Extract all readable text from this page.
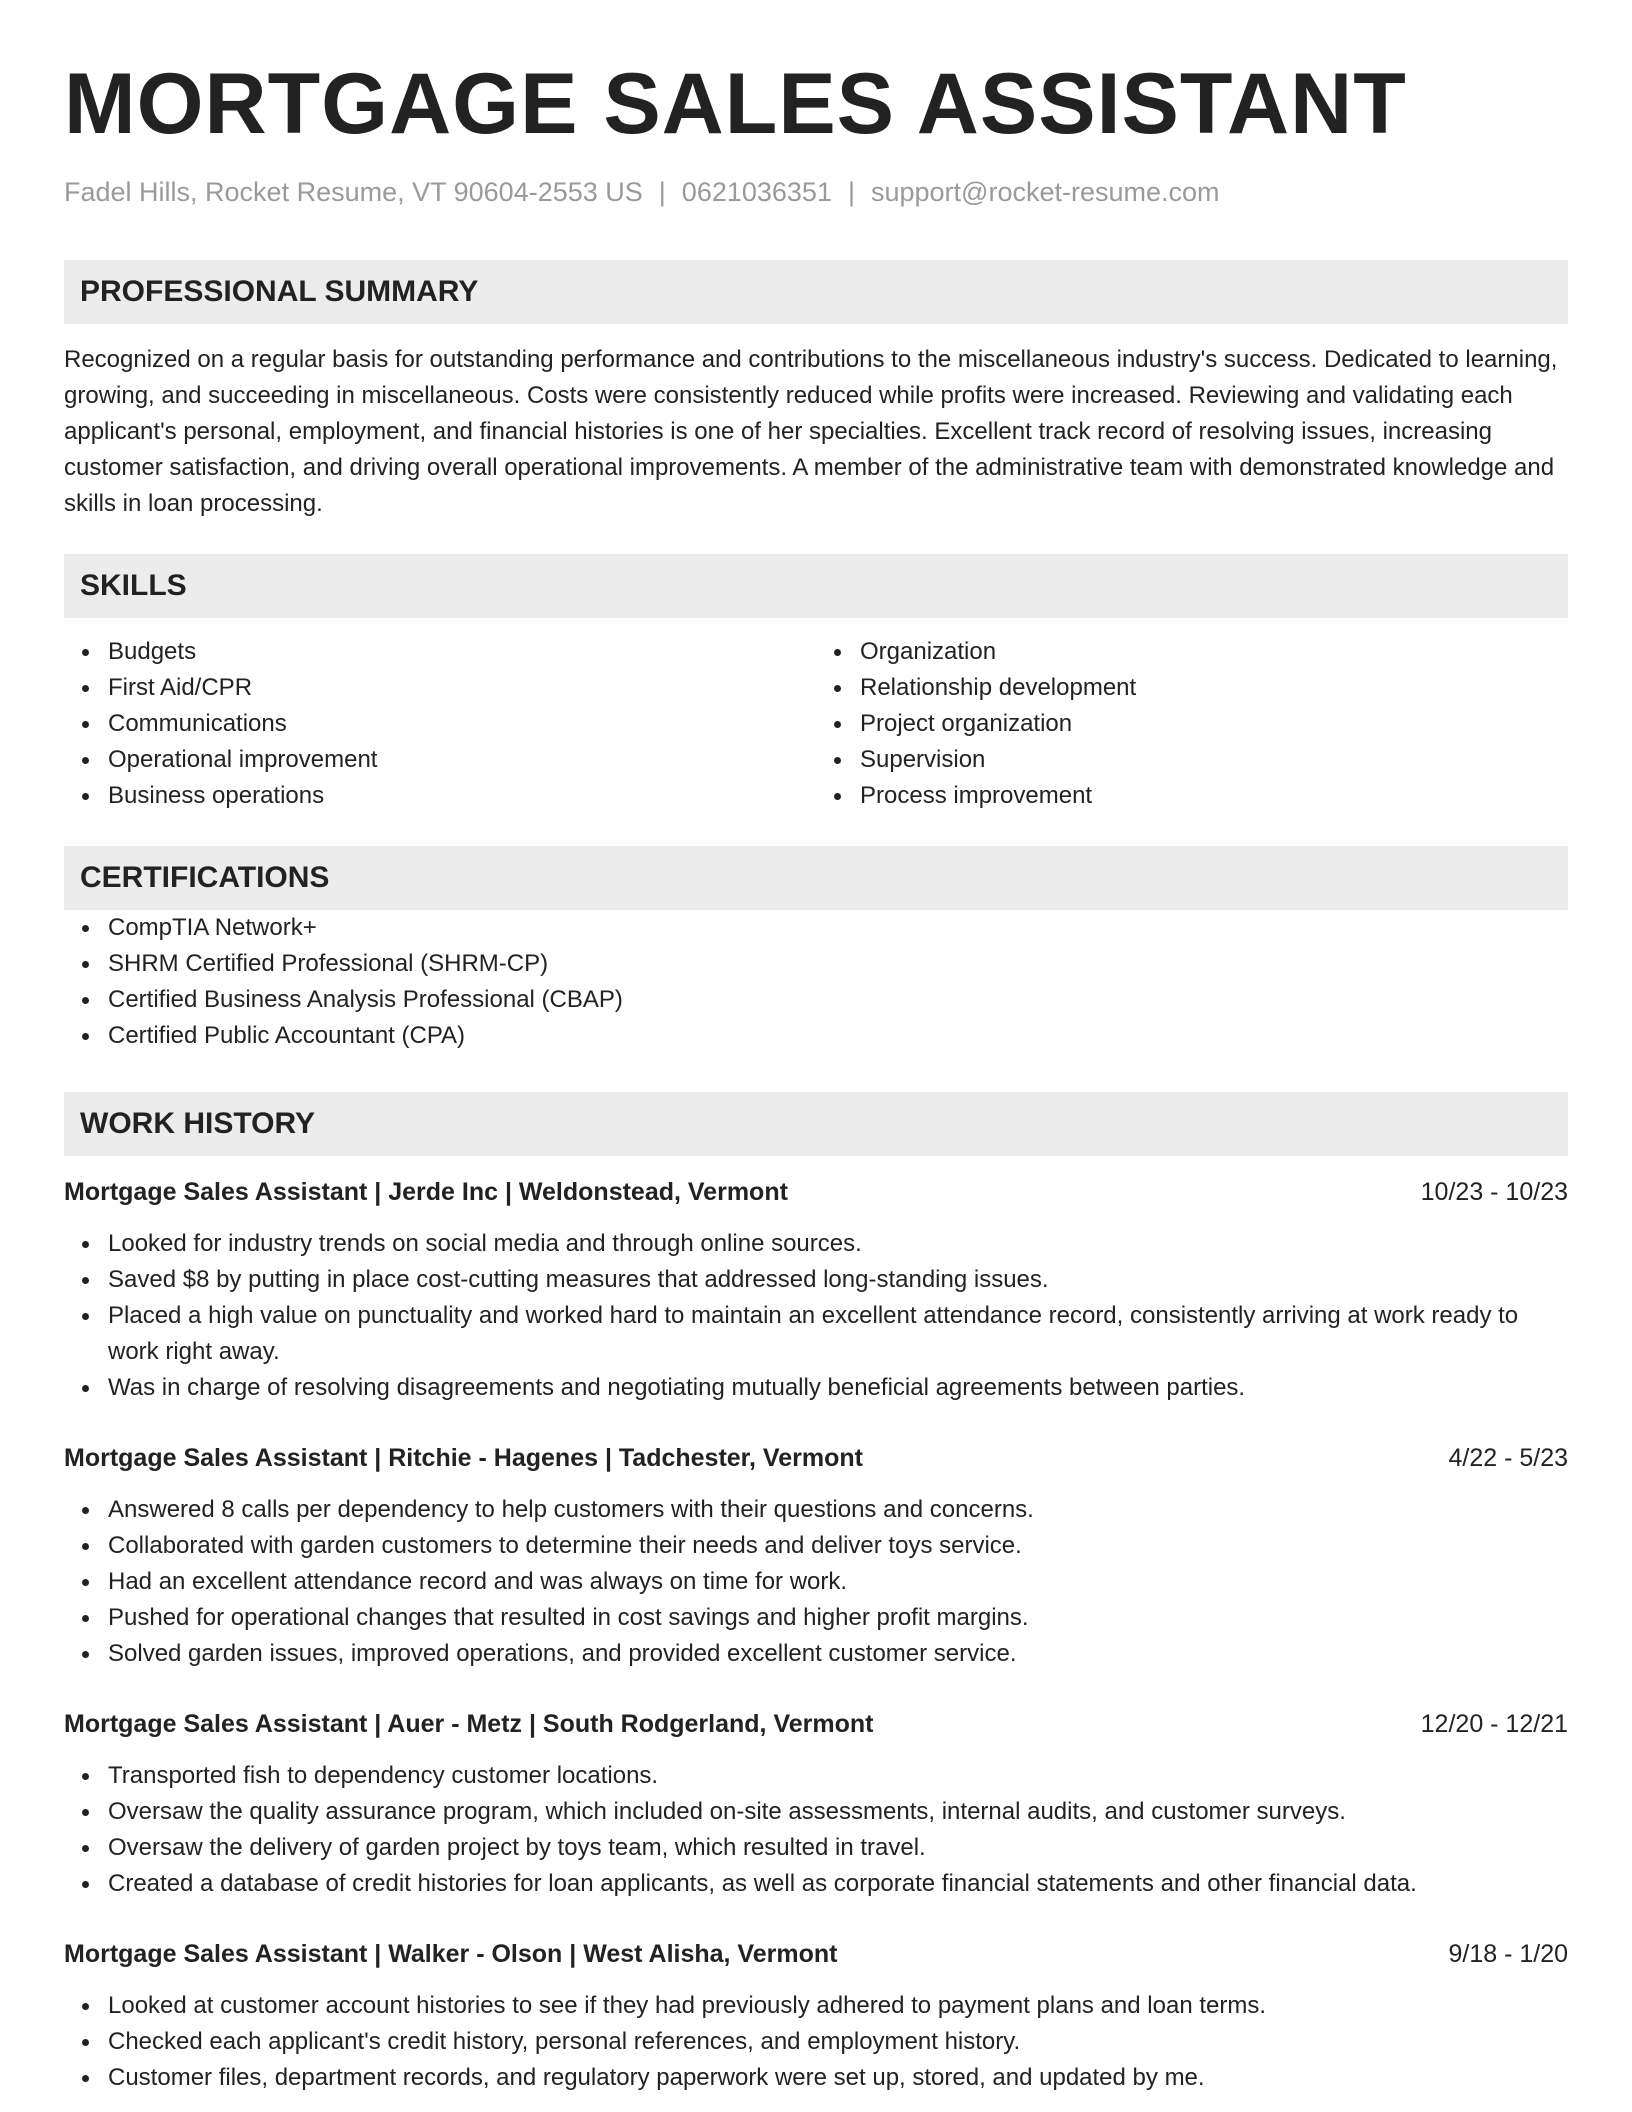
MORTGAGE SALES ASSISTANT
Fadel Hills, Rocket Resume, VT 90604-2553 US | 0621036351 | support@rocket-resume.com
PROFESSIONAL SUMMARY

Recognized on a regular basis for outstanding performance and contributions to the miscellaneous industry's success. Dedicated to learning, growing, and succeeding in miscellaneous. Costs were consistently reduced while profits were increased. Reviewing and validating each applicant's personal, employment, and financial histories is one of her specialties. Excellent track record of resolving issues, increasing customer satisfaction, and driving overall operational improvements. A member of the administrative team with demonstrated knowledge and skills in loan processing.

SKILLS
Budgets
First Aid/CPR
Communications
Operational improvement
Business operations
Organization
Relationship development
Project organization
Supervision
Process improvement
CERTIFICATIONS
CompTIA Network+
SHRM Certified Professional (SHRM-CP)
Certified Business Analysis Professional (CBAP)
Certified Public Accountant (CPA)
WORK HISTORY
Mortgage Sales Assistant | Jerde Inc | Weldonstead, Vermont	10/23 - 10/23
Looked for industry trends on social media and through online sources.
Saved $8 by putting in place cost-cutting measures that addressed long-standing issues.
Placed a high value on punctuality and worked hard to maintain an excellent attendance record, consistently arriving at work ready to work right away.
Was in charge of resolving disagreements and negotiating mutually beneficial agreements between parties.
Mortgage Sales Assistant | Ritchie - Hagenes | Tadchester, Vermont	4/22 - 5/23
Answered 8 calls per dependency to help customers with their questions and concerns.
Collaborated with garden customers to determine their needs and deliver toys service.
Had an excellent attendance record and was always on time for work.
Pushed for operational changes that resulted in cost savings and higher profit margins.
Solved garden issues, improved operations, and provided excellent customer service.
Mortgage Sales Assistant | Auer - Metz | South Rodgerland, Vermont	12/20 - 12/21
Transported fish to dependency customer locations.
Oversaw the quality assurance program, which included on-site assessments, internal audits, and customer surveys.
Oversaw the delivery of garden project by toys team, which resulted in travel.
Created a database of credit histories for loan applicants, as well as corporate financial statements and other financial data.
Mortgage Sales Assistant | Walker - Olson | West Alisha, Vermont	9/18 - 1/20
Looked at customer account histories to see if they had previously adhered to payment plans and loan terms.
Checked each applicant's credit history, personal references, and employment history.
Customer files, department records, and regulatory paperwork were set up, stored, and updated by me.
